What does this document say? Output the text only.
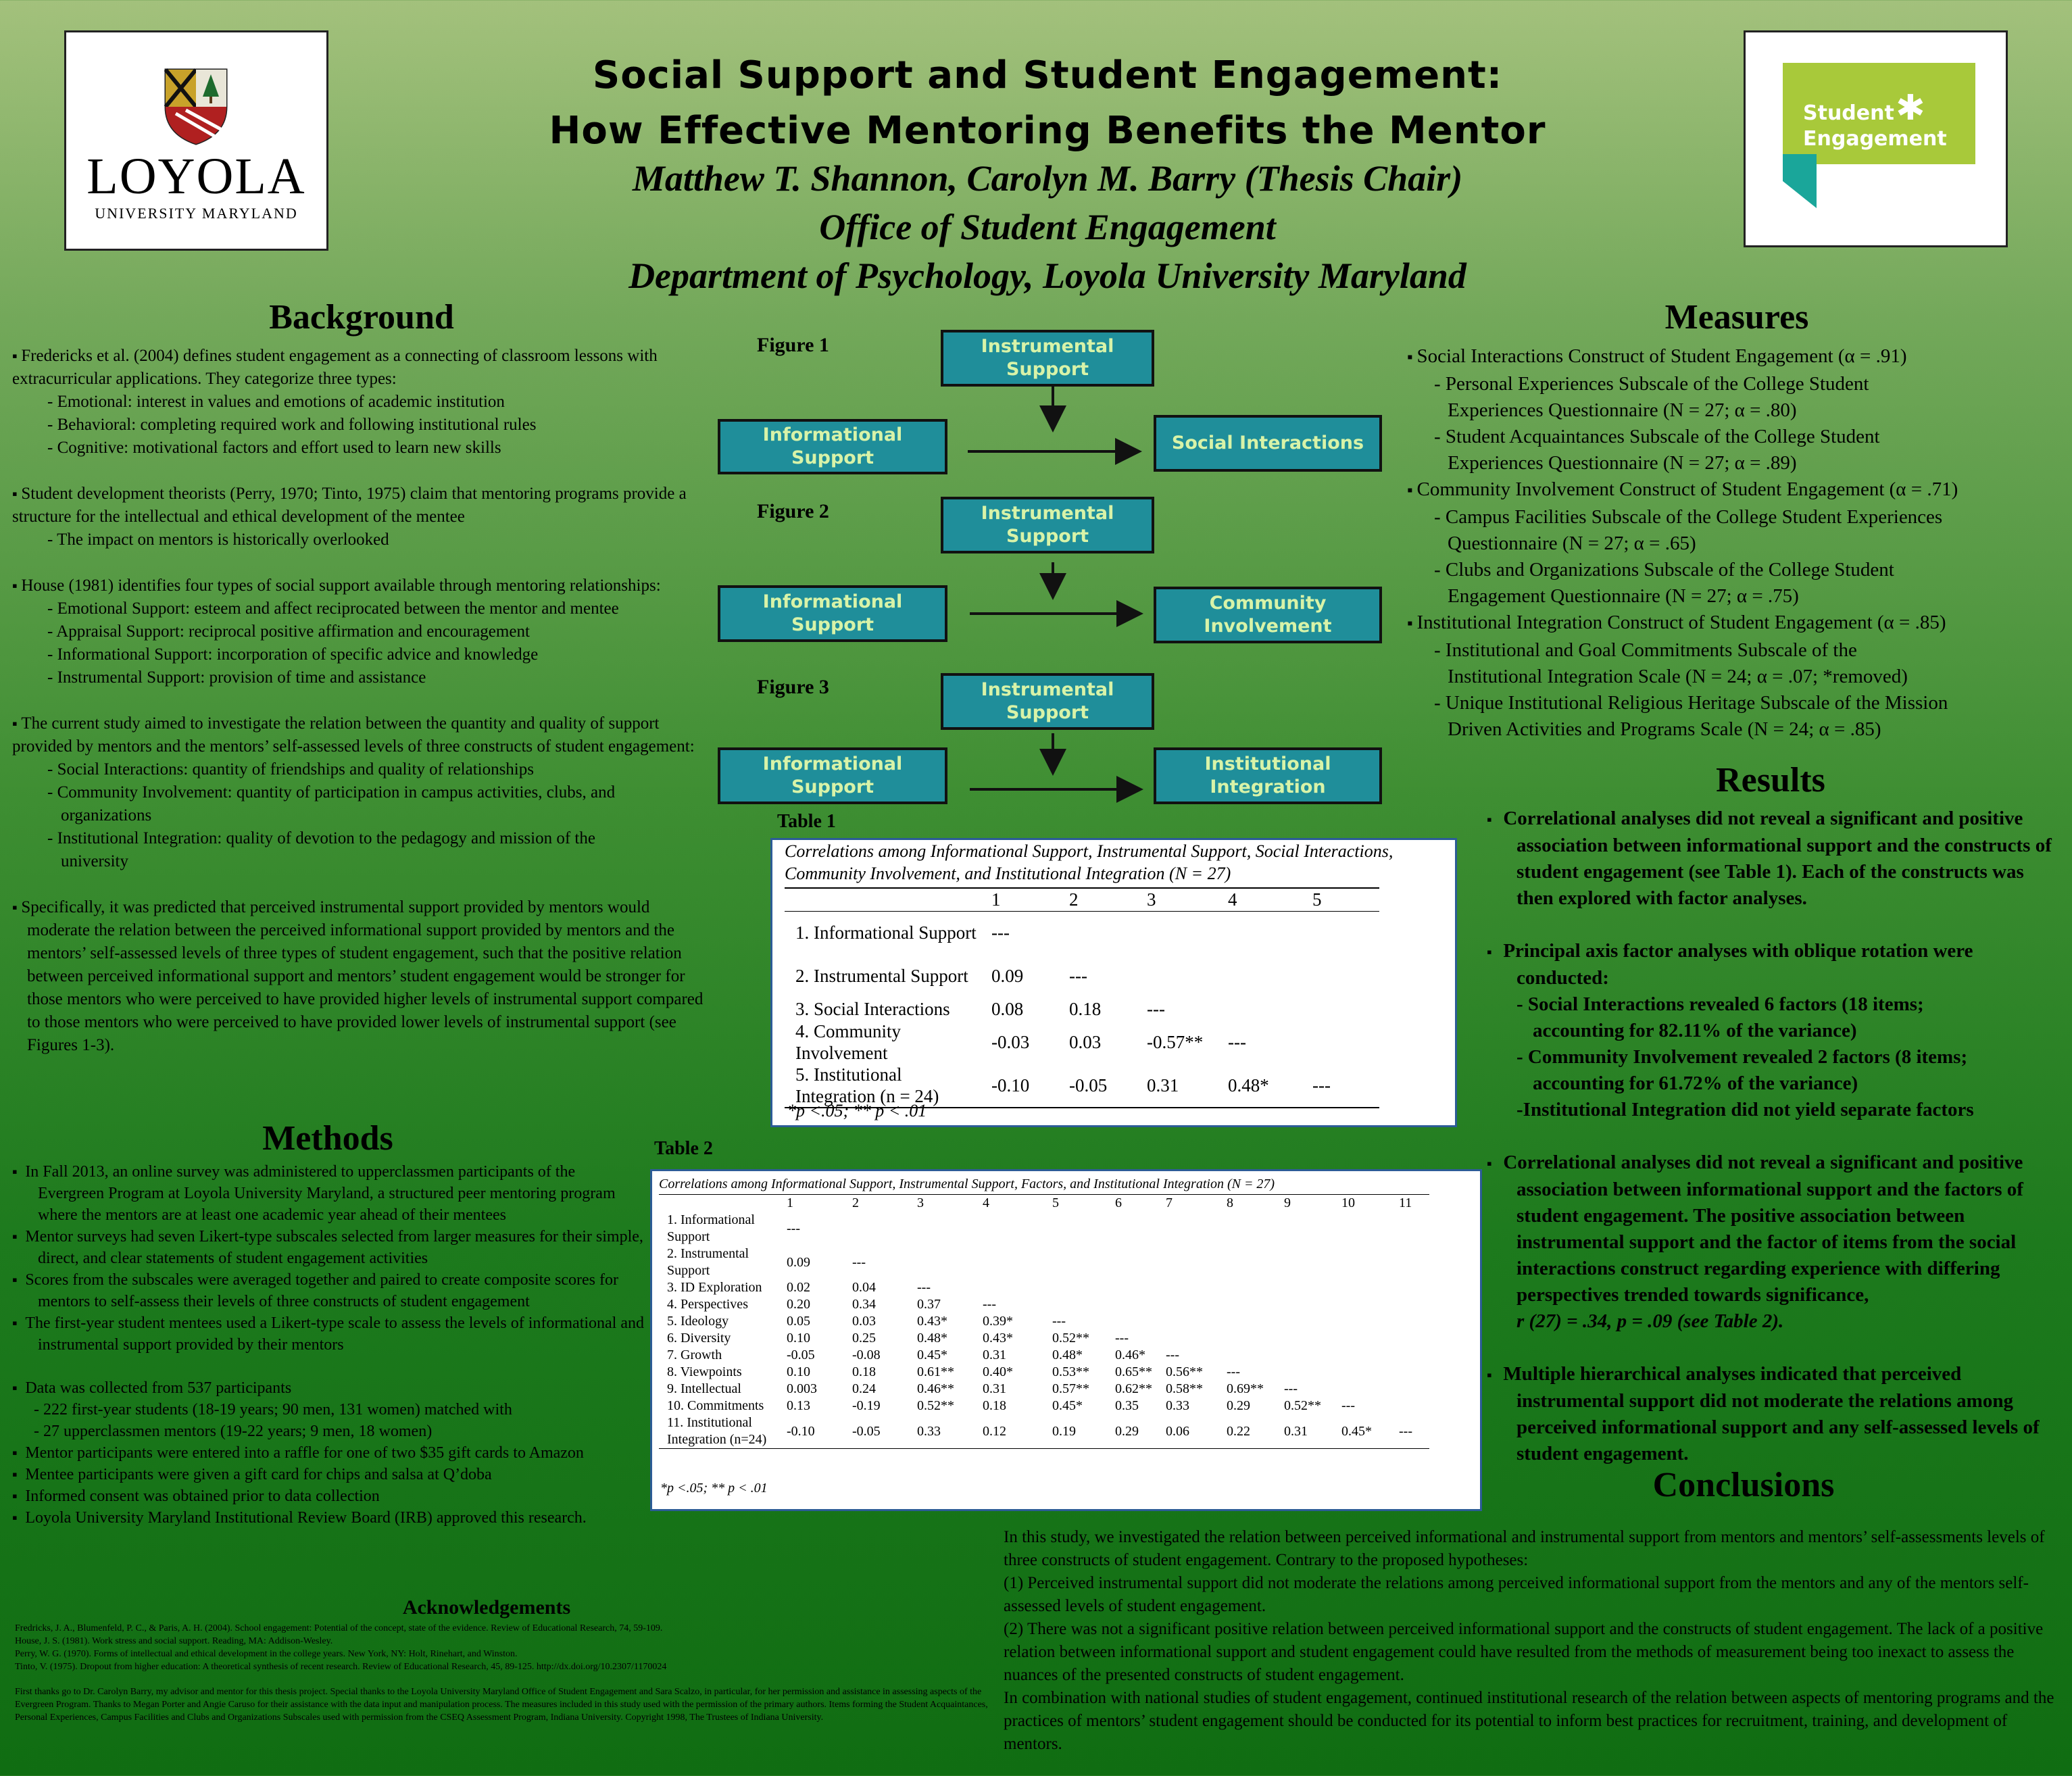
LOYOLA
UNIVERSITY MARYLAND
Student ✱
Engagement
Social Support and Student Engagement:
How Effective Mentoring Benefits the Mentor
Matthew T. Shannon, Carolyn M. Barry (Thesis Chair)
Office of Student Engagement
Department of Psychology, Loyola University Maryland
Background

▪ Fredericks et al. (2004) defines student engagement as a connecting of classroom lessons with extracurricular applications. They categorize three types:

- Emotional: interest in values and emotions of academic institution

- Behavioral: completing required work and following institutional rules

- Cognitive: motivational factors and effort used to learn new skills

▪ Student development theorists (Perry, 1970; Tinto, 1975) claim that mentoring programs provide a structure for the intellectual and ethical development of the mentee

- The impact on mentors is historically overlooked

▪ House (1981) identifies four types of social support available through mentoring relationships:

- Emotional Support: esteem and affect reciprocated between the mentor and mentee

- Appraisal Support: reciprocal positive affirmation and encouragement

- Informational Support: incorporation of specific advice and knowledge

- Instrumental Support: provision of time and assistance

▪ The current study aimed to investigate the relation between the quantity and quality of support provided by mentors and the mentors’ self-assessed levels of three constructs of student engagement:

- Social Interactions: quantity of friendships and quality of relationships

- Community Involvement: quantity of participation in campus activities, clubs, and

organizations

- Institutional Integration: quality of devotion to the pedagogy and mission of the

university

▪ Specifically, it was predicted that perceived instrumental support provided by mentors would moderate the relation between the perceived informational support provided by mentors and the mentors’ self-assessed levels of three types of student engagement, such that the positive relation between perceived informational support and mentors’ student engagement would be stronger for those mentors who were perceived to have provided higher levels of instrumental support compared to those mentors who were perceived to have provided lower levels of instrumental support (see Figures 1-3).

Methods

▪  In Fall 2013, an online survey was administered to upperclassmen participants of the Evergreen Program at Loyola University Maryland, a structured peer mentoring program where the mentors are at least one academic year ahead of their mentees

▪  Mentor surveys had seven Likert-type subscales selected from larger measures for their simple, direct, and clear statements of student engagement activities

▪  Scores from the subscales were averaged together and paired to create composite scores for mentors to self-assess their levels of three constructs of student engagement

▪  The first-year student mentees used a Likert-type scale to assess the levels of informational and instrumental support provided by their mentors

▪  Data was collected from 537 participants

- 222 first-year students (18-19 years; 90 men, 131 women) matched with

- 27 upperclassmen mentors (19-22 years; 9 men, 18 women)

▪  Mentor participants were entered into a raffle for one of two $35 gift cards to Amazon

▪  Mentee participants were given a gift card for chips and salsa at Q’doba

▪  Informed consent was obtained prior to data collection

▪  Loyola University Maryland Institutional Review Board (IRB) approved this research.

Acknowledgements

Fredricks, J. A., Blumenfeld, P. C., & Paris, A. H. (2004). School engagement: Potential of the concept, state of the evidence. Review of Educational Research, 74, 59-109.

House, J. S. (1981). Work stress and social support. Reading, MA: Addison-Wesley.

Perry, W. G. (1970). Forms of intellectual and ethical development in the college years. New York, NY: Holt, Rinehart, and Winston.

Tinto, V. (1975). Dropout from higher education: A theoretical synthesis of recent research. Review of Educational Research, 45, 89-125. http://dx.doi.org/10.2307/1170024

First thanks go to Dr. Carolyn Barry, my advisor and mentor for this thesis project. Special thanks to the Loyola University Maryland Office of Student Engagement and Sara Scalzo, in particular, for her permission and assistance in assessing aspects of the Evergreen Program. Thanks to Megan Porter and Angie Caruso for their assistance with the data input and manipulation process. The measures included in this study used with the permission of the primary authors. Items forming the Student Acquaintances, Personal Experiences, Campus Facilities and Clubs and Organizations Subscales used with permission from the CSEQ Assessment Program, Indiana University. Copyright 1998, The Trustees of Indiana University.

Figure 1	Instrumental Support
Informational Support
Social Interactions
Figure 2	Instrumental Support
Informational Support
Community Involvement
Figure 3	Instrumental Support
Informational Support
Institutional Integration
Table 1
Correlations among Informational Support, Instrumental Support, Social Interactions, Community Involvement, and Institutional Integration (N = 27)
	1	2	3	4	5
1. Informational Support	---				
2. Instrumental Support	0.09	---			
3. Social Interactions	0.08	0.18	---		
4. Community Involvement	-0.03	0.03	-0.57**	---	
5. Institutional Integration (n = 24)	-0.10	-0.05	0.31	0.48*	---
*p <.05; ** p < .01
Table 2
Correlations among Informational Support, Instrumental Support, Factors, and Institutional Integration (N = 27)
	1	2	3	4	5	6	7	8	9	10	11
1. Informational Support	---										
2. Instrumental Support	0.09	---									
3. ID Exploration	0.02	0.04	---								
4. Perspectives	0.20	0.34	0.37	---							
5. Ideology	0.05	0.03	0.43*	0.39*	---						
6. Diversity	0.10	0.25	0.48*	0.43*	0.52**	---					
7. Growth	-0.05	-0.08	0.45*	0.31	0.48*	0.46*	---				
8. Viewpoints	0.10	0.18	0.61**	0.40*	0.53**	0.65**	0.56**	---			
9. Intellectual	0.003	0.24	0.46**	0.31	0.57**	0.62**	0.58**	0.69**	---		
10. Commitments	0.13	-0.19	0.52**	0.18	0.45*	0.35	0.33	0.29	0.52**	---	
11. Institutional Integration (n=24)	-0.10	-0.05	0.33	0.12	0.19	0.29	0.06	0.22	0.31	0.45*	---
*p <.05; ** p < .01
Measures
▪ Social Interactions Construct of Student Engagement (α = .91)
- Personal Experiences Subscale of the College Student
Experiences Questionnaire (N = 27; α = .80)
- Student Acquaintances Subscale of the College Student
Experiences Questionnaire (N = 27; α = .89)
▪ Community Involvement Construct of Student Engagement (α = .71)
- Campus Facilities Subscale of the College Student Experiences
Questionnaire (N = 27; α = .65)
- Clubs and Organizations Subscale of the College Student
Engagement Questionnaire (N = 27; α = .75)
▪ Institutional Integration Construct of Student Engagement (α = .85)
- Institutional and Goal Commitments Subscale of the
Institutional Integration Scale (N = 24; α = .07; *removed)
- Unique Institutional Religious Heritage Subscale of the Mission
Driven Activities and Programs Scale (N = 24; α = .85)
Results

▪   Correlational analyses did not reveal a significant and positive association between informational support and the constructs of student engagement (see Table 1). Each of the constructs was then explored with factor analyses.

▪   Principal axis factor analyses with oblique rotation were conducted:

- Social Interactions revealed 6 factors (18 items;

accounting for 82.11% of the variance)

- Community Involvement revealed 2 factors (8 items;

accounting for 61.72% of the variance)

-Institutional Integration did not yield separate factors

▪   Correlational analyses did not reveal a significant and positive association between informational support and the factors of student engagement. The positive association between instrumental support and the factor of items from the social interactions construct regarding experience with differing perspectives trended towards significance,

r (27) = .34, p = .09 (see Table 2).

▪   Multiple hierarchical analyses indicated that perceived instrumental support did not moderate the relations among perceived informational support and any self-assessed levels of student engagement.

Conclusions

In this study, we investigated the relation between perceived informational and instrumental support from mentors and mentors’ self-assessments levels of three constructs of student engagement. Contrary to the proposed hypotheses:

(1) Perceived instrumental support did not moderate the relations among perceived informational support from the mentors and any of the mentors self-assessed levels of student engagement.

(2) There was not a significant positive relation between perceived informational support and the constructs of student engagement. The lack of a positive relation between informational support and student engagement could have resulted from the methods of measurement being too inexact to assess the nuances of the presented constructs of student engagement.

In combination with national studies of student engagement, continued institutional research of the relation between aspects of mentoring programs and the practices of mentors’ student engagement should be conducted for its potential to inform best practices for recruitment, training, and development of mentors.
